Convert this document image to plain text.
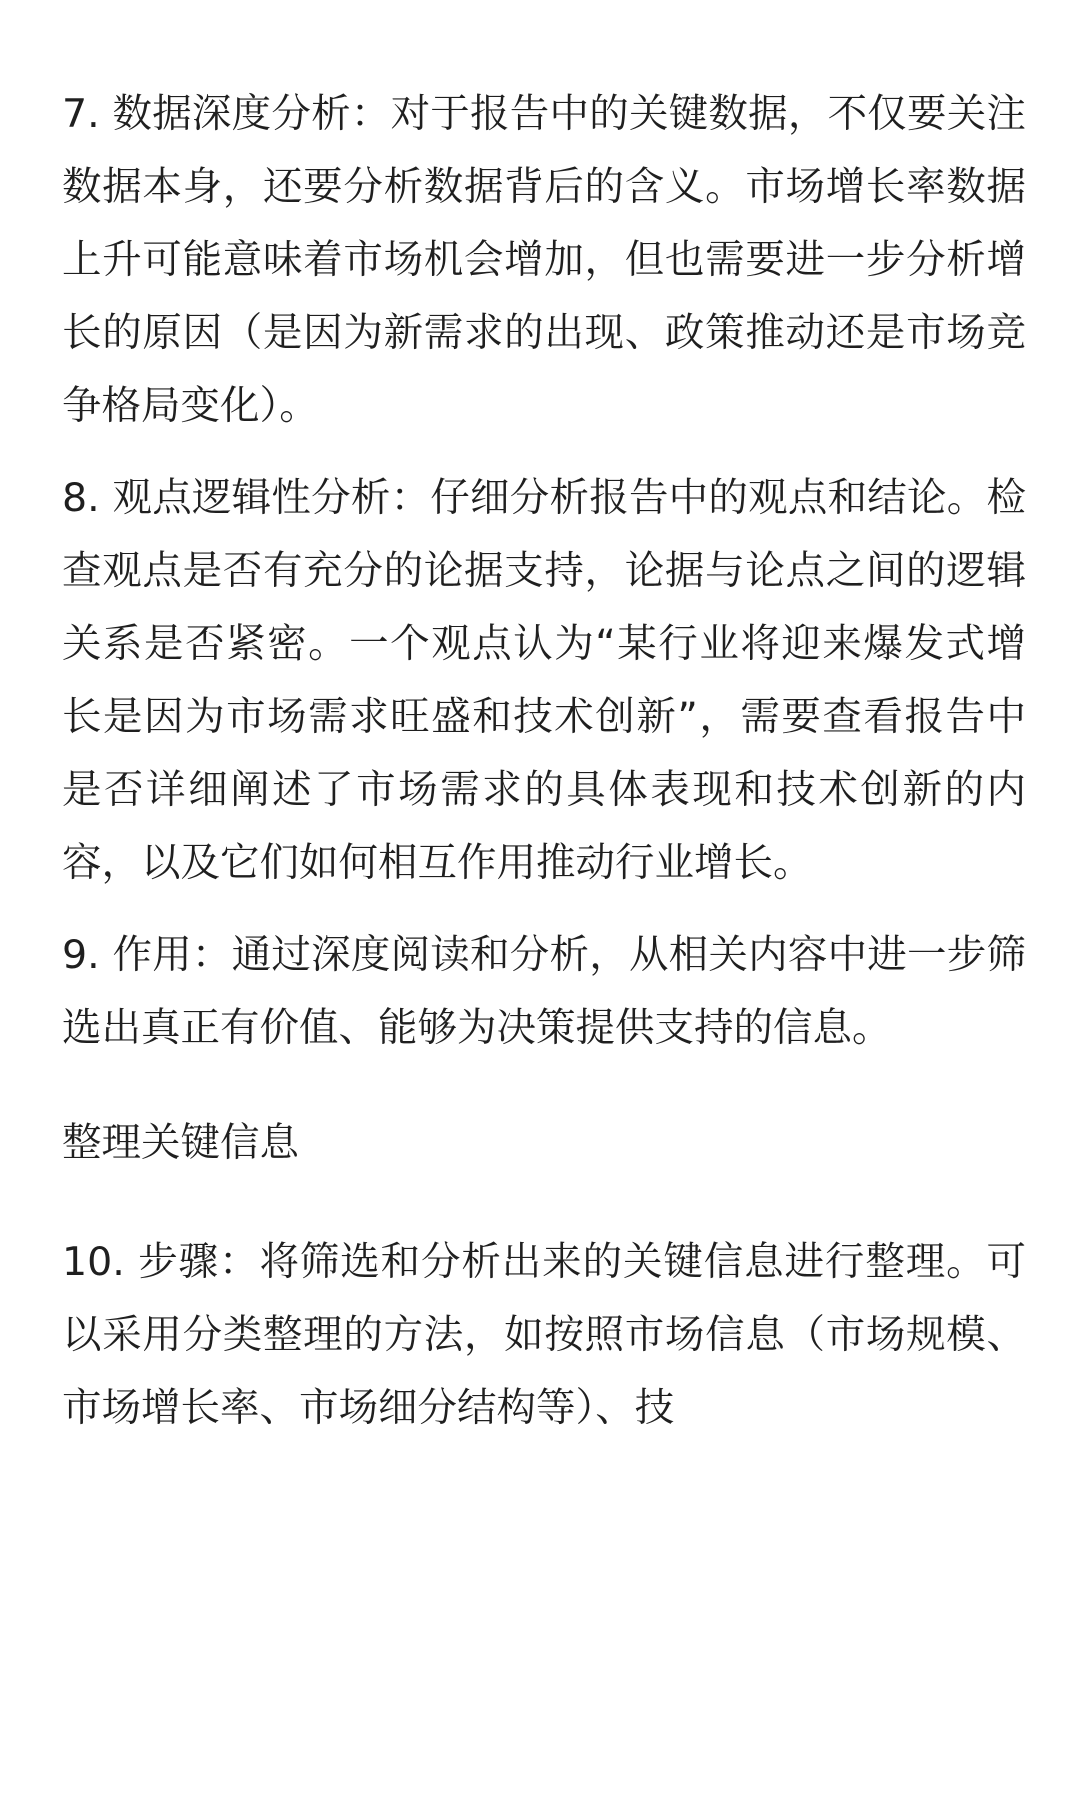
7. 数据深度分析：对于报告中的关键数据，不仅要关注数据本身，还要分析数据背后的含义。市场增长率数据上升可能意味着市场机会增加，但也需要进一步分析增长的原因（是因为新需求的出现、政策推动还是市场竞争格局变化）。

8. 观点逻辑性分析：仔细分析报告中的观点和结论。检查观点是否有充分的论据支持，论据与论点之间的逻辑关系是否紧密。一个观点认为“某行业将迎来爆发式增长是因为市场需求旺盛和技术创新”，需要查看报告中是否详细阐述了市场需求的具体表现和技术创新的内容，以及它们如何相互作用推动行业增长。

9. 作用：通过深度阅读和分析，从相关内容中进一步筛选出真正有价值、能够为决策提供支持的信息。

整理关键信息

10. 步骤：将筛选和分析出来的关键信息进行整理。可以采用分类整理的方法，如按照市场信息（市场规模、市场增长率、市场细分结构等）、技
